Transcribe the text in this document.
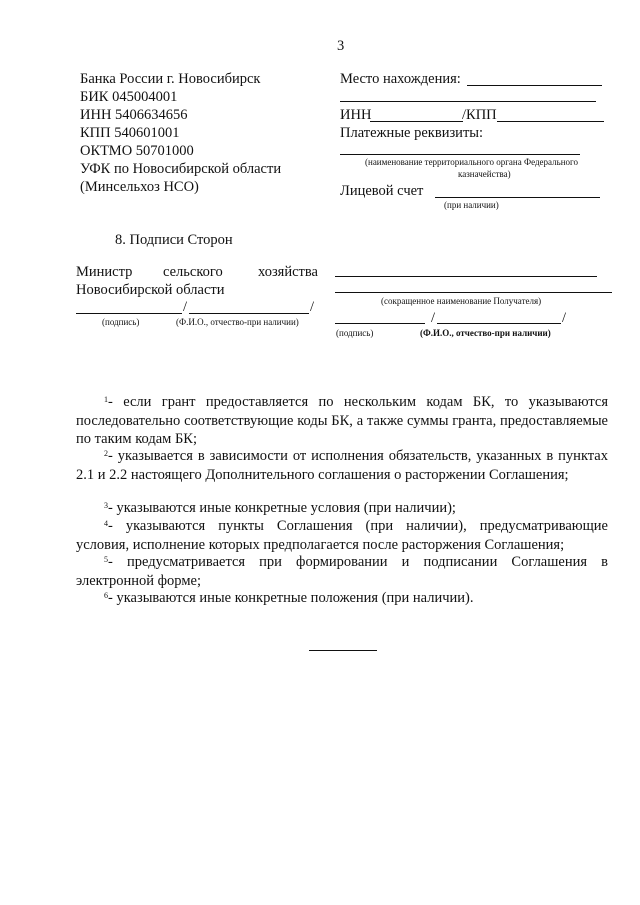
3
Банка России г. Новосибирск
БИК 045004001
ИНН 5406634656
КПП 540601001
ОКТМО 50701000
УФК по Новосибирской области
(Минсельхоз НСО)
Место нахождения:
ИНН	/КПП
Платежные реквизиты:
(наименование территориального органа Федерального
казначейства)
Лицевой счет
(при наличии)
8. Подписи Сторон
Министр сельского хозяйства
Новосибирской области
/	/
(подпись)	(Ф.И.О., отчество-при наличии)
(сокращенное наименование Получателя)
/	/
(подпись)	(Ф.И.О., отчество-при наличии)
$^1$- если грант предоставляется по нескольким кодам БК, то указываются последовательно соответствующие коды БК, а также суммы гранта, предоставляемые по таким кодам БК;
$^2$- указывается в зависимости от исполнения обязательств, указанных в пунктах 2.1 и 2.2 настоящего Дополнительного соглашения о расторжении Соглашения;
$^3$- указываются иные конкретные условия (при наличии);
$^4$- указываются пункты Соглашения (при наличии), предусматривающие условия, исполнение которых предполагается после расторжения Соглашения;
$^5$- предусматривается при формировании и подписании Соглашения в электронной форме;
$^6$- указываются иные конкретные положения (при наличии).
